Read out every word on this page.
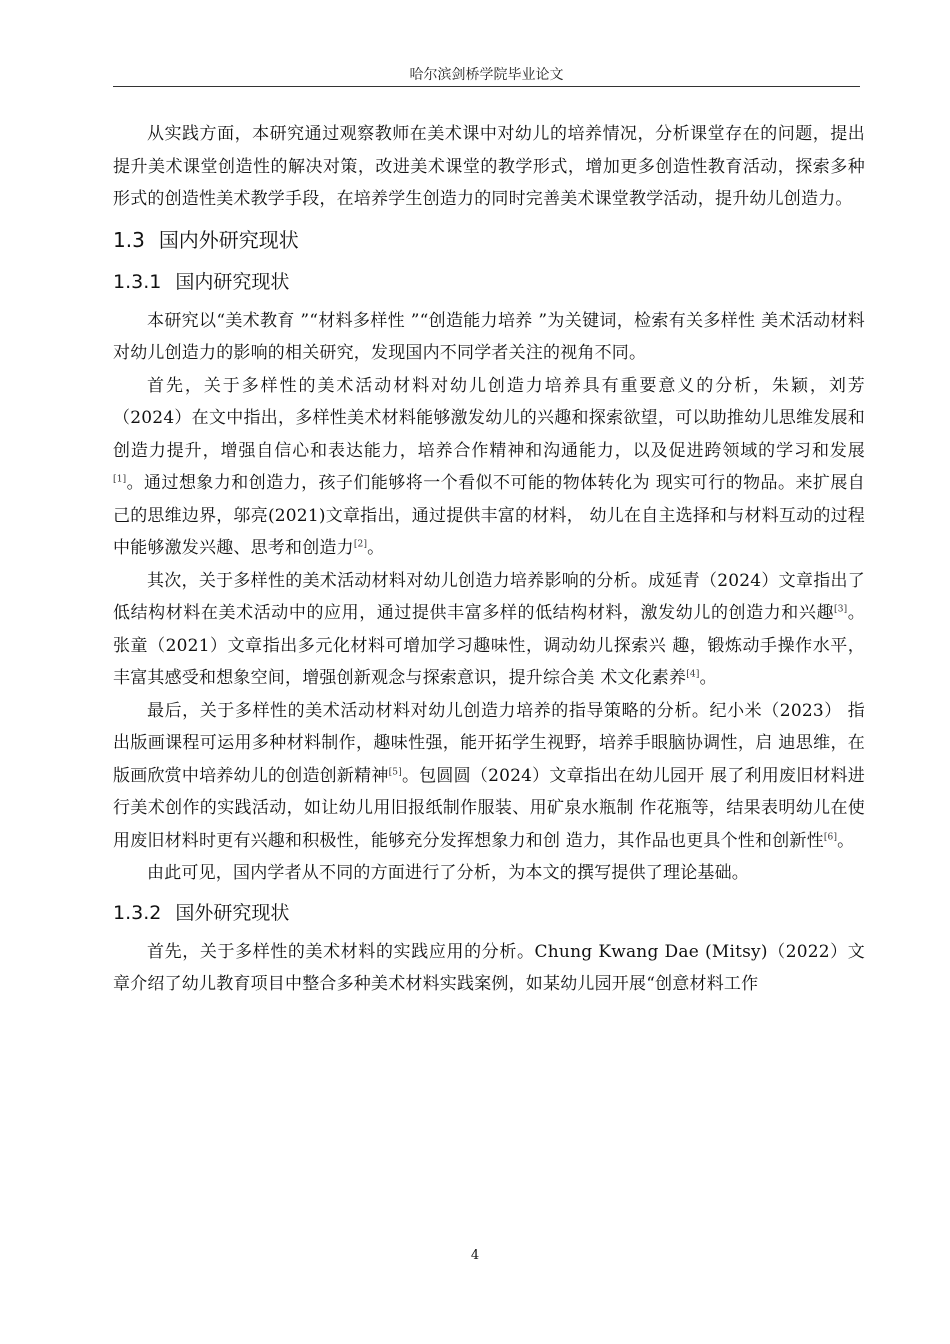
哈尔滨剑桥学院毕业论文

从实践方面，本研究通过观察教师在美术课中对幼儿的培养情况，分析课堂存在的问题，提出提升美术课堂创造性的解决对策，改进美术课堂的教学形式，增加更多创造性教育活动，探索多种形式的创造性美术教学手段，在培养学生创造力的同时完善美术课堂教学活动，提升幼儿创造力。

1.3 国内外研究现状
1.3.1 国内研究现状

本研究以“美术教育 ”“材料多样性 ”“创造能力培养 ”为关键词，检索有关多样性 美术活动材料对幼儿创造力的影响的相关研究，发现国内不同学者关注的视角不同。

首先，关于多样性的美术活动材料对幼儿创造力培养具有重要意义的分析，朱颖，刘芳（2024）在文中指出，多样性美术材料能够激发幼儿的兴趣和探索欲望，可以助推幼儿思维发展和创造力提升，增强自信心和表达能力，培养合作精神和沟通能力，以及促进跨领域的学习和发展[1]。通过想象力和创造力，孩子们能够将一个看似不可能的物体转化为 现实可行的物品。来扩展自己的思维边界，邬亮(2021)文章指出，通过提供丰富的材料， 幼儿在自主选择和与材料互动的过程中能够激发兴趣、思考和创造力[2]。

其次，关于多样性的美术活动材料对幼儿创造力培养影响的分析。成延青（2024）文章指出了低结构材料在美术活动中的应用，通过提供丰富多样的低结构材料，激发幼儿的创造力和兴趣[3]。张童（2021）文章指出多元化材料可增加学习趣味性，调动幼儿探索兴 趣，锻炼动手操作水平，丰富其感受和想象空间，增强创新观念与探索意识，提升综合美 术文化素养[4]。

最后，关于多样性的美术活动材料对幼儿创造力培养的指导策略的分析。纪小米（2023） 指出版画课程可运用多种材料制作，趣味性强，能开拓学生视野，培养手眼脑协调性，启 迪思维，在版画欣赏中培养幼儿的创造创新精神[5]。包圆圆（2024）文章指出在幼儿园开 展了利用废旧材料进行美术创作的实践活动，如让幼儿用旧报纸制作服装、用矿泉水瓶制 作花瓶等，结果表明幼儿在使用废旧材料时更有兴趣和积极性，能够充分发挥想象力和创 造力，其作品也更具个性和创新性[6]。

由此可见，国内学者从不同的方面进行了分析，为本文的撰写提供了理论基础。

1.3.2 国外研究现状

首先，关于多样性的美术材料的实践应用的分析。Chung Kwang Dae (Mitsy)（2022）文章介绍了幼儿教育项目中整合多种美术材料实践案例，如某幼儿园开展“创意材料工作

4
